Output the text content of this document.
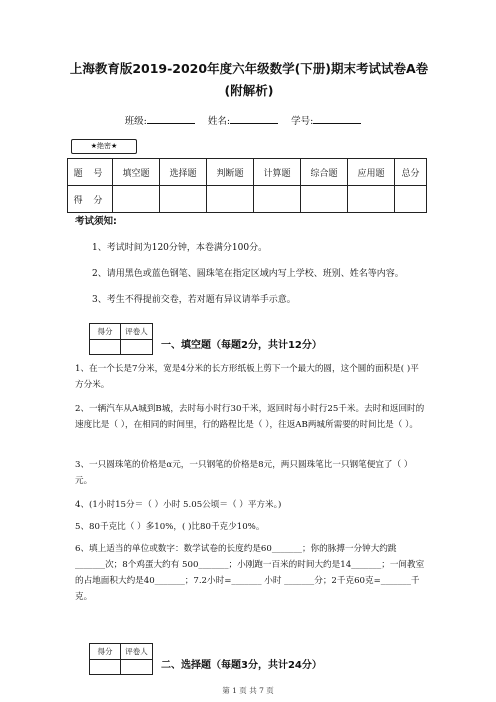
上海教育版2019-2020年度六年级数学(下册)期末考试试卷A卷 (附解析)
班级:	姓名:	学号:
★绝密★
题 号	填空题	选择题	判断题	计算题	综合题	应用题	总分
得 分							
考试须知:
1、考试时间为120分钟，本卷满分100分。
2、请用黑色或蓝色钢笔、圆珠笔在指定区域内写上学校、班别、姓名等内容。
3、考生不得提前交卷，若对题有异议请举手示意。
得分	评卷人
一、填空题（每题2分，共计12分）
1、在一个长是7分米，宽是4分米的长方形纸板上剪下一个最大的圆，这个圆的面积是( )平方分米。
2、一辆汽车从A城到B城，去时每小时行30千米，返回时每小时行25千米。去时和返回时的速度比是（ ），在相同的时间里，行的路程比是（ ），往返AB两城所需要的时间比是（ ）。
3、一只圆珠笔的价格是α元，一只钢笔的价格是8元，两只圆珠笔比一只钢笔便宜了（ ）元。
4、(1小时15分＝（ ）小时 5.05公顷＝（ ）平方米。)
5、80千克比（ ）多10%，( )比80千克少10%。
6、填上适当的单位或数字：数学试卷的长度约是60_______；你的脉搏一分钟大约跳_______次；8个鸡蛋大约有 500_______；小刚跑一百米的时间大约是14_______；一间教室的占地面积大约是40_______；7.2小时=_______ 小时 _______分；2千克60克=_______千克。
得分	评卷人
二、选择题（每题3分，共计24分）
第 1 页 共 7 页
